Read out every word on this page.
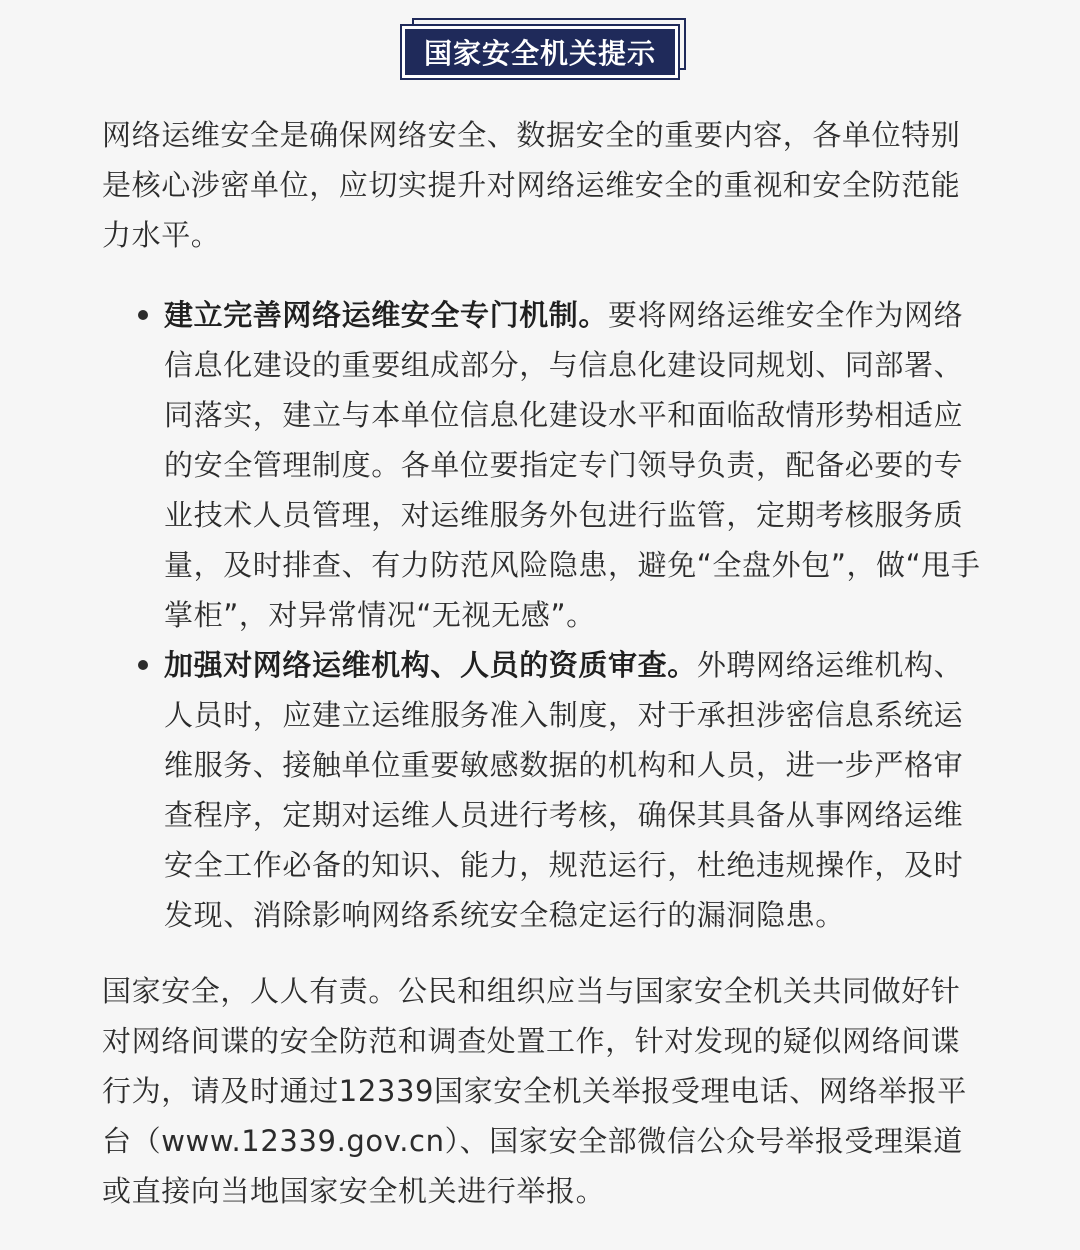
国家安全机关提示

网络运维安全是确保网络安全、数据安全的重要内容，各单位特别是核心涉密单位，应切实提升对网络运维安全的重视和安全防范能力水平。

建立完善网络运维安全专门机制。要将网络运维安全作为网络信息化建设的重要组成部分，与信息化建设同规划、同部署、同落实，建立与本单位信息化建设水平和面临敌情形势相适应的安全管理制度。各单位要指定专门领导负责，配备必要的专业技术人员管理，对运维服务外包进行监管，定期考核服务质量，及时排查、有力防范风险隐患，避免“全盘外包”，做“甩手掌柜”，对异常情况“无视无感”。
加强对网络运维机构、人员的资质审查。外聘网络运维机构、人员时，应建立运维服务准入制度，对于承担涉密信息系统运维服务、接触单位重要敏感数据的机构和人员，进一步严格审查程序，定期对运维人员进行考核，确保其具备从事网络运维安全工作必备的知识、能力，规范运行，杜绝违规操作，及时发现、消除影响网络系统安全稳定运行的漏洞隐患。

国家安全，人人有责。公民和组织应当与国家安全机关共同做好针对网络间谍的安全防范和调查处置工作，针对发现的疑似网络间谍行为，请及时通过12339国家安全机关举报受理电话、网络举报平台（www.12339.gov.cn）、国家安全部微信公众号举报受理渠道或直接向当地国家安全机关进行举报。
